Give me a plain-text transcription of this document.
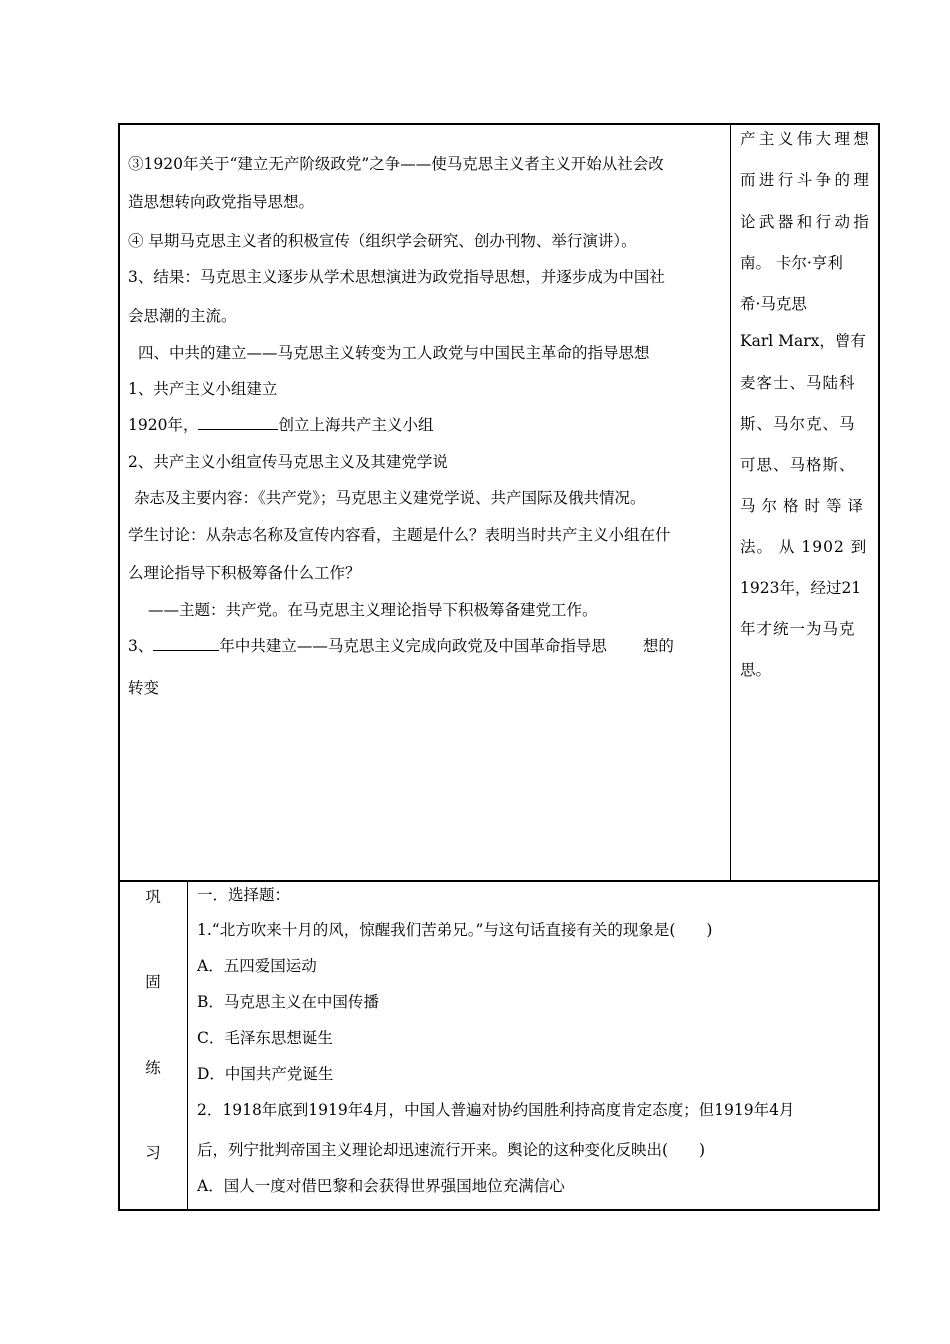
③1920年关于“建立无产阶级政党”之争——使马克思主义者主义开始从社会改
造思想转向政党指导思想。
④ 早期马克思主义者的积极宣传（组织学会研究、创办刊物、举行演讲）。
3、结果：马克思主义逐步从学术思想演进为政党指导思想，并逐步成为中国社
会思潮的主流。
四、中共的建立——马克思主义转变为工人政党与中国民主革命的指导思想
1、共产主义小组建立
1920年，	创立上海共产主义小组
2、共产主义小组宣传马克思主义及其建党学说
杂志及主要内容：《共产党》；马克思主义建党学说、共产国际及俄共情况。
学生讨论：从杂志名称及宣传内容看，主题是什么？表明当时共产主义小组在什
么理论指导下积极筹备什么工作？
——主题：共产党。在马克思主义理论指导下积极筹备建党工作。
3、	年中共建立——马克思主义完成向政党及中国革命指导思 想的
转变
产主义伟大理想
而进行斗争的理
论武器和行动指
南。 卡尔·亨利
希·马克思
Karl Marx，曾有
麦客士、马陆科
斯、马尔克、马
可思、马格斯、
马尔格时等译
法。 从 1902 到
1923年，经过21
年才统一为马克
思。
巩
固
练
习
一．选择题：
1.“北方吹来十月的风，惊醒我们苦弟兄。”与这句话直接有关的现象是(　　)
A．五四爱国运动
B．马克思主义在中国传播
C．毛泽东思想诞生
D．中国共产党诞生
2．1918年底到1919年4月，中国人普遍对协约国胜利持高度肯定态度；但1919年4月
后，列宁批判帝国主义理论却迅速流行开来。舆论的这种变化反映出(　　)
A．国人一度对借巴黎和会获得世界强国地位充满信心
